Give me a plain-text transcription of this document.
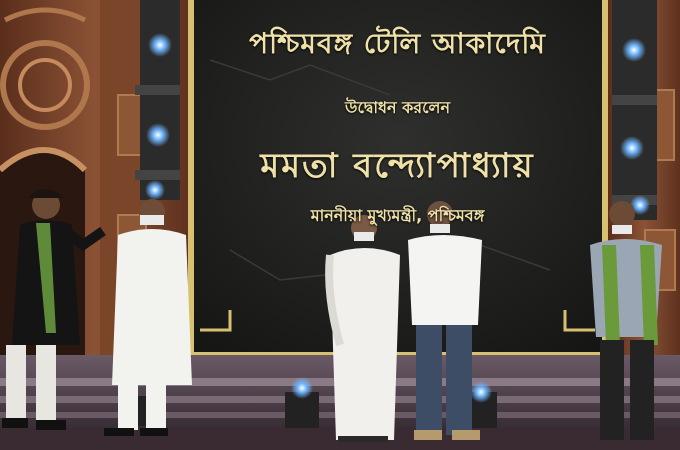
পশ্চিমবঙ্গ টেলি আকাদেমি
উদ্বোধন করলেন
মমতা বন্দ্যোপাধ্যায়
মাননীয়া মুখ্যমন্ত্রী, পশ্চিমবঙ্গ
